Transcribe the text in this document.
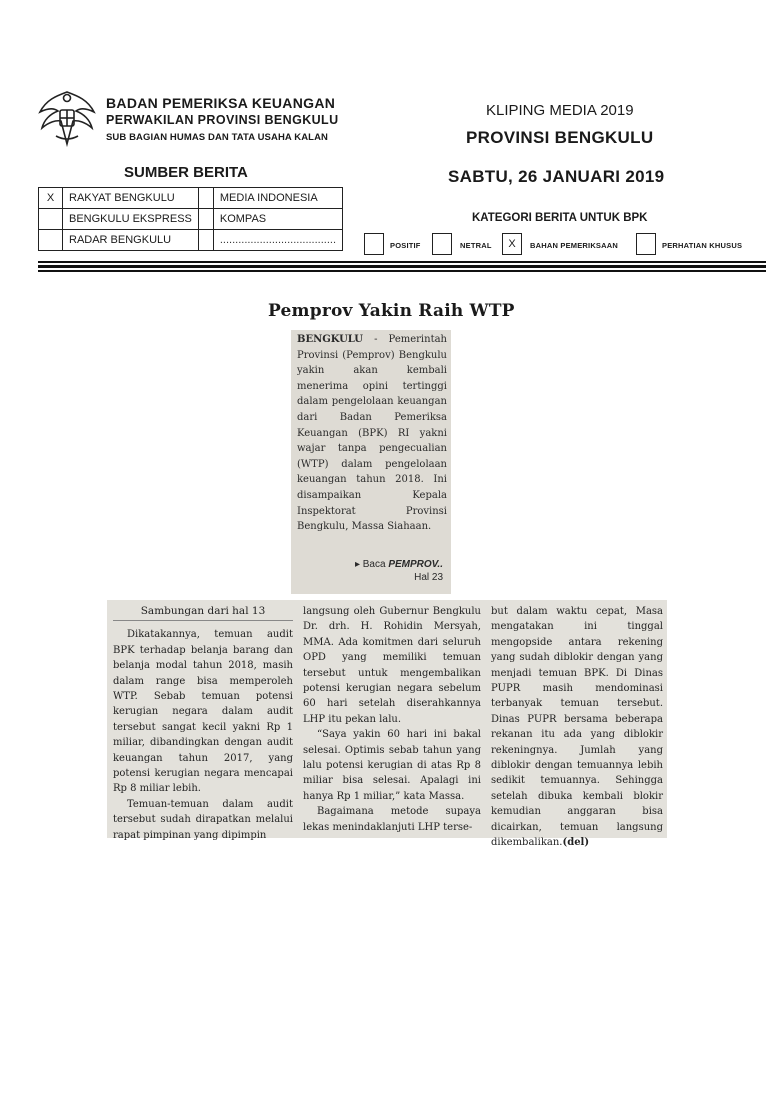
BADAN PEMERIKSA KEUANGAN
PERWAKILAN PROVINSI BENGKULU
SUB BAGIAN HUMAS DAN TATA USAHA KALAN
SUMBER BERITA
X	RAKYAT BENGKULU		MEDIA INDONESIA
	BENGKULU EKSPRESS		KOMPAS
	RADAR BENGKULU		......................................
KLIPING MEDIA 2019
PROVINSI BENGKULU
SABTU, 26 JANUARI 2019
KATEGORI BERITA UNTUK BPK
POSITIF	NETRAL	X	BAHAN PEMERIKSAAN	PERHATIAN KHUSUS
Pemprov Yakin Raih WTP
BENGKULU - Pemerintah Provinsi (Pemprov) Bengkulu yakin akan kembali menerima opini tertinggi dalam pengelolaan keuangan dari Badan Pemeriksa Keuangan (BPK) RI yakni wajar tanpa pengecualian (WTP) dalam pengelolaan keuangan tahun 2018. Ini disampaikan Kepala Inspektorat Provinsi Bengkulu, Massa Siahaan.
▸ Baca PEMPROV..
Hal 23

Sambungan dari hal 13

Dikatakannya, temuan audit BPK terhadap belanja barang dan belanja modal tahun 2018, masih dalam range bisa memperoleh WTP. Sebab temuan potensi kerugian negara dalam audit tersebut sangat kecil yakni Rp 1 miliar, dibandingkan dengan audit keuangan tahun 2017, yang potensi kerugian negara mencapai Rp 8 miliar lebih.

Temuan-temuan dalam audit tersebut sudah dirapatkan melalui rapat pimpinan yang dipimpin

langsung oleh Gubernur Bengkulu Dr. drh. H. Rohidin Mersyah, MMA. Ada komitmen dari seluruh OPD yang memiliki temuan tersebut untuk mengembalikan potensi kerugian negara sebelum 60 hari setelah diserahkannya LHP itu pekan lalu.

“Saya yakin 60 hari ini bakal selesai. Optimis sebab tahun yang lalu potensi kerugian di atas Rp 8 miliar bisa selesai. Apalagi ini hanya Rp 1 miliar,” kata Massa.

Bagaimana metode supaya lekas menindaklanjuti LHP terse-

but dalam waktu cepat, Masa mengatakan ini tinggal mengopside antara rekening yang sudah diblokir dengan yang menjadi temuan BPK. Di Dinas PUPR masih mendominasi terbanyak temuan tersebut. Dinas PUPR bersama beberapa rekanan itu ada yang diblokir rekeningnya. Jumlah yang diblokir dengan temuannya lebih sedikit temuannya. Sehingga setelah dibuka kembali blokir kemudian anggaran bisa dicairkan, temuan langsung dikembalikan.(del)
